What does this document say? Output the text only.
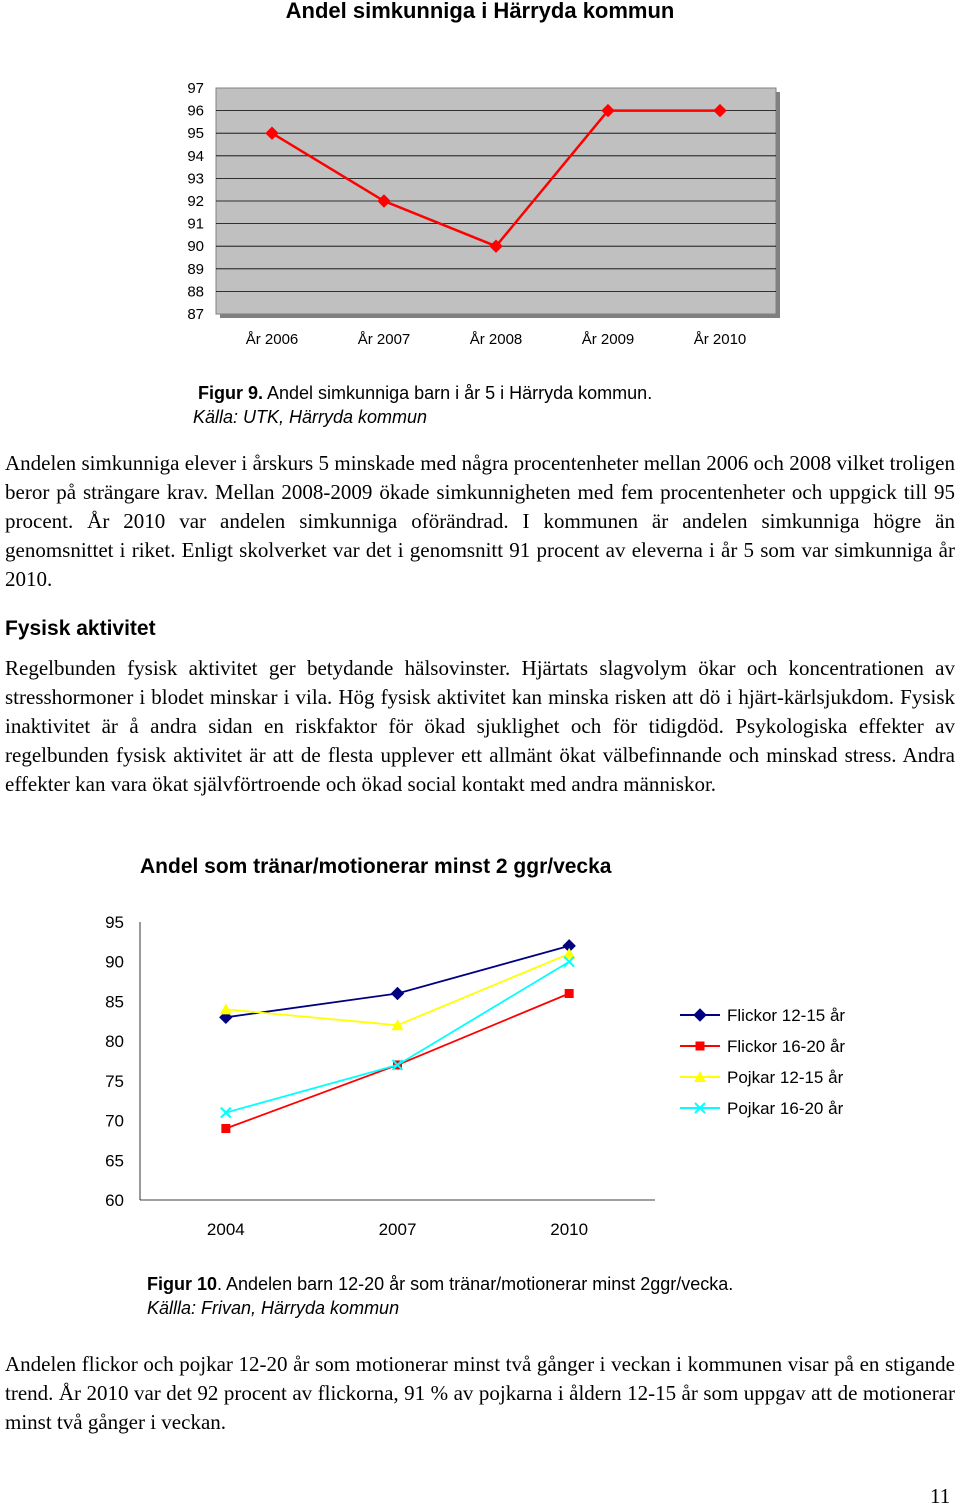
Andel simkunniga i Härryda kommun
97
96
95
94
93
92
91
90
89
88
87
År 2006	År 2007	År 2008	År 2009	År 2010
Figur 9. Andel simkunniga barn i år 5 i Härryda kommun.
Källa: UTK, Härryda kommun
Andelen simkunniga elever i årskurs 5 minskade med några procentenheter mellan 2006 och 2008 vilket troligen beror på strängare krav. Mellan 2008-2009 ökade simkunnigheten med fem procentenheter och uppgick till 95 procent. År 2010 var andelen simkunniga oförändrad. I kommunen är andelen simkunniga högre än genomsnittet i riket. Enligt skolverket var det i genomsnitt 91 procent av eleverna i år 5 som var simkunniga år 2010.
Fysisk aktivitet
Regelbunden fysisk aktivitet ger betydande hälsovinster. Hjärtats slagvolym ökar och koncentrationen av stresshormoner i blodet minskar i vila. Hög fysisk aktivitet kan minska risken att dö i hjärt-kärlsjukdom. Fysisk inaktivitet är å andra sidan en riskfaktor för ökad sjuklighet och för tidigdöd. Psykologiska effekter av regelbunden fysisk aktivitet är att de flesta upplever ett allmänt ökat välbefinnande och minskad stress. Andra effekter kan vara ökat självförtroende och ökad social kontakt med andra människor.
Andel som tränar/motionerar minst 2 ggr/vecka
95
90
85
80
75
70
65
60
2004	2007	2010
Flickor 12-15 år
Flickor 16-20 år
Pojkar 12-15 år
Pojkar 16-20 år
Figur 10. Andelen barn 12-20 år som tränar/motionerar minst 2ggr/vecka.
Källla: Frivan, Härryda kommun
Andelen flickor och pojkar 12-20 år som motionerar minst två gånger i veckan i kommunen visar på en stigande trend. År 2010 var det 92 procent av flickorna, 91 % av pojkarna i åldern 12-15 år som uppgav att de motionerar minst två gånger i veckan.
11
